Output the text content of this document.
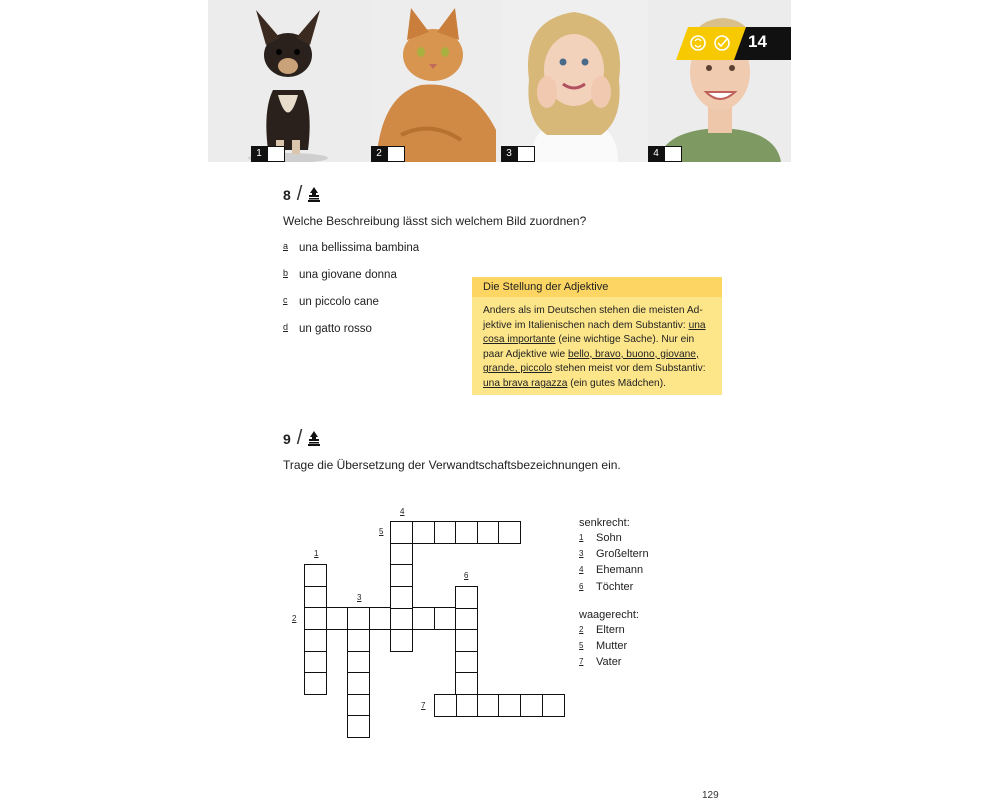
1	2	3	4
14
8 /
Welche Beschreibung lässt sich welchem Bild zuordnen?
a una bellissima bambina
b una giovane donna
c un piccolo cane
d un gatto rosso
Die Stellung der Adjektive
Anders als im Deutschen stehen die meisten Ad-jektive im Italienischen nach dem Substantiv: una cosa importante (eine wichtige Sache). Nur ein paar Adjektive wie bello, bravo, buono, giovane, grande, piccolo stehen meist vor dem Substantiv: una brava ragazza (ein gutes Mädchen).
9 /
Trage die Übersetzung der Verwandtschaftsbezeichnungen ein.
1
2
3
4
5
6
7
senkrecht:
1 Sohn
3 Großeltern
4 Ehemann
6 Töchter
waagerecht:
2 Eltern
5 Mutter
7 Vater
129
